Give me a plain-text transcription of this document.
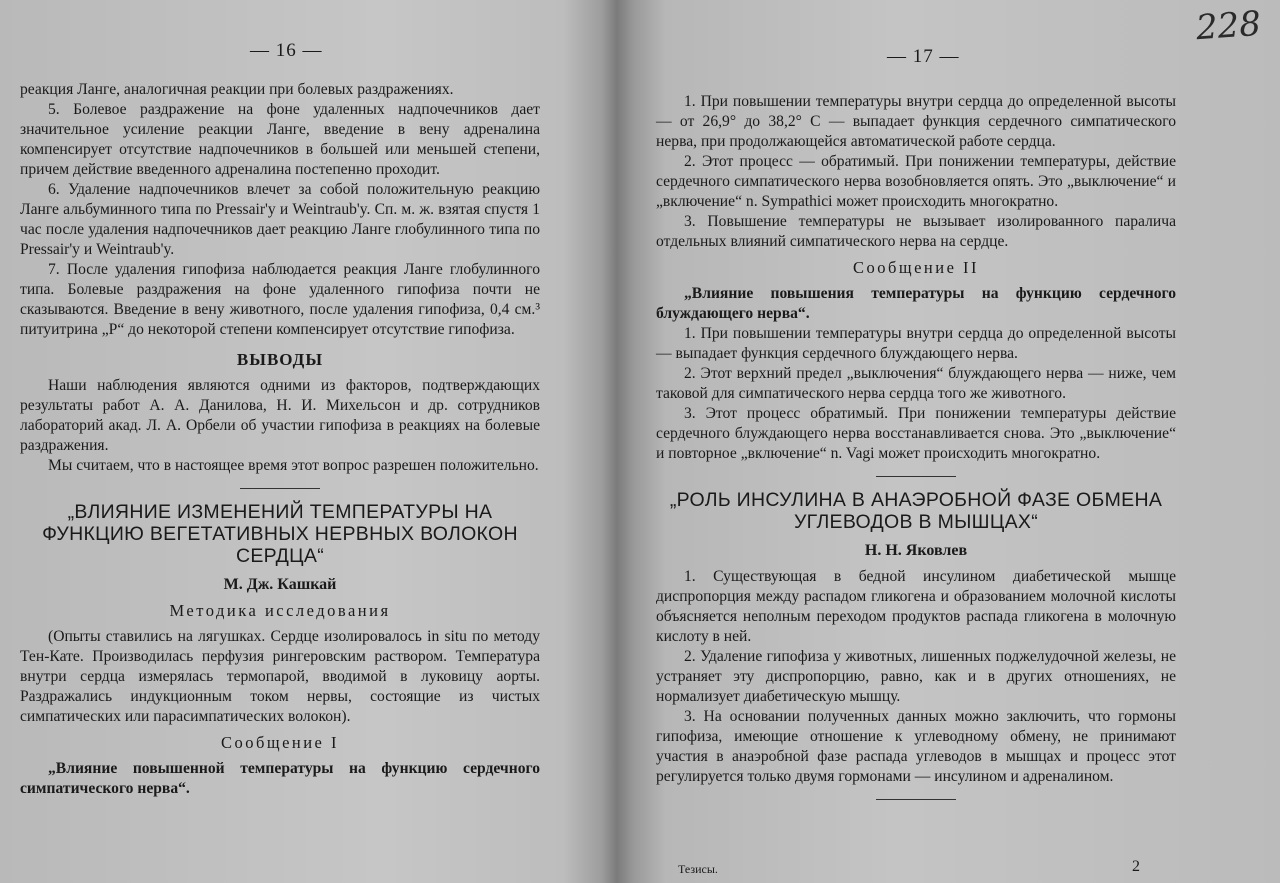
— 16 —

реакция Ланге, аналогичная реакции при болевых раздражениях.

5. Болевое раздражение на фоне удаленных надпочечников дает значительное усиление реакции Ланге, введение в вену адреналина компенсирует отсутствие надпочечников в большей или меньшей степени, причем действие введенного адреналина постепенно проходит.

6. Удаление надпочечников влечет за собой положительную реакцию Ланге альбуминного типа по Pressair'y и Weintraub'y. Сп. м. ж. взятая спустя 1 час после удаления надпочечников дает реакцию Ланге глобулинного типа по Pressair'y и Weintraub'y.

7. После удаления гипофиза наблюдается реакция Ланге глобулинного типа. Болевые раздражения на фоне удаленного гипофиза почти не сказываются. Введение в вену животного, после удаления гипофиза, 0,4 см.³ питуитрина „P“ до некоторой степени компенсирует отсутствие гипофиза.

ВЫВОДЫ

Наши наблюдения являются одними из факторов, подтверждающих результаты работ А. А. Данилова, Н. И. Михельсон и др. сотрудников лабораторий акад. Л. А. Орбели об участии гипофиза в реакциях на болевые раздражения.

Мы считаем, что в настоящее время этот вопрос разрешен положительно.

„ВЛИЯНИЕ ИЗМЕНЕНИЙ ТЕМПЕРАТУРЫ НА ФУНКЦИЮ ВЕГЕТАТИВНЫХ НЕРВНЫХ ВОЛОКОН СЕРДЦА“
М. Дж. Кашкай
Методика исследования

(Опыты ставились на лягушках. Сердце изолировалось in situ по методу Тен-Кате. Производилась перфузия рингеровским раствором. Температура внутри сердца измерялась термопарой, вводимой в луковицу аорты. Раздражались индукционным током нервы, состоящие из чистых симпатических или парасимпатических волокон).

Сообщение I

„Влияние повышенной температуры на функцию сердечного симпатического нерва“.

228
— 17 —

1. При повышении температуры внутри сердца до определенной высоты — от 26,9° до 38,2° С — выпадает функция сердечного симпатического нерва, при продолжающейся автоматической работе сердца.

2. Этот процесс — обратимый. При понижении температуры, действие сердечного симпатического нерва возобновляется опять. Это „выключение“ и „включение“ n. Sympathici может происходить многократно.

3. Повышение температуры не вызывает изолированного паралича отдельных влияний симпатического нерва на сердце.

Сообщение II

„Влияние повышения температуры на функцию сердечного блуждающего нерва“.

1. При повышении температуры внутри сердца до определенной высоты — выпадает функция сердечного блуждающего нерва.

2. Этот верхний предел „выключения“ блуждающего нерва — ниже, чем таковой для симпатического нерва сердца того же животного.

3. Этот процесс обратимый. При понижении температуры действие сердечного блуждающего нерва восстанавливается снова. Это „выключение“ и повторное „включение“ n. Vagi может происходить многократно.

„РОЛЬ ИНСУЛИНА В АНАЭРОБНОЙ ФАЗЕ ОБМЕНА УГЛЕВОДОВ В МЫШЦАХ“
Н. Н. Яковлев

1. Существующая в бедной инсулином диабетической мышце диспропорция между распадом гликогена и образованием молочной кислоты объясняется неполным переходом продуктов распада гликогена в молочную кислоту в ней.

2. Удаление гипофиза у животных, лишенных поджелудочной железы, не устраняет эту диспропорцию, равно, как и в других отношениях, не нормализует диабетическую мышцу.

3. На основании полученных данных можно заключить, что гормоны гипофиза, имеющие отношение к углеводному обмену, не принимают участия в анаэробной фазе распада углеводов в мышцах и процесс этот регулируется только двумя гормонами — инсулином и адреналином.

Тезисы.	2
